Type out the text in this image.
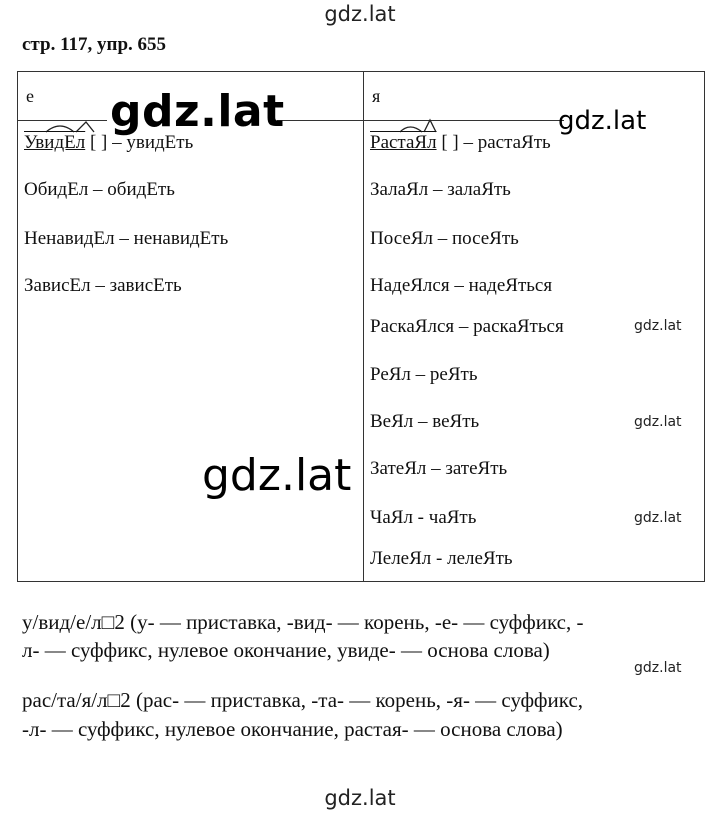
gdz.lat
стр. 117, упр. 655
е	я
gdz.lat	gdz.lat
УвидЕл [ ] – увидЕть
ОбидЕл – обидЕть
НенавидЕл – ненавидЕть
ЗависЕл – зависЕть
РастаЯл [ ] – растаЯть
ЗалаЯл – залаЯть
ПосеЯл – посеЯть
НадеЯлся – надеЯться
РаскаЯлся – раскаЯться
РеЯл – реЯть
ВеЯл – веЯть
ЗатеЯл – затеЯть
ЧаЯл - чаЯть
ЛелеЯл - лелеЯть
gdz.lat
gdz.lat
gdz.lat
gdz.lat
у/вид/е/л□2 (у- — приставка, -вид- — корень, -е- — суффикс, -
л- — суффикс, нулевое окончание, увиде- — основа слова)
gdz.lat
рас/та/я/л□2 (рас- — приставка, -та- — корень, -я- — суффикс,
-л- — суффикс, нулевое окончание, растая- — основа слова)
gdz.lat
